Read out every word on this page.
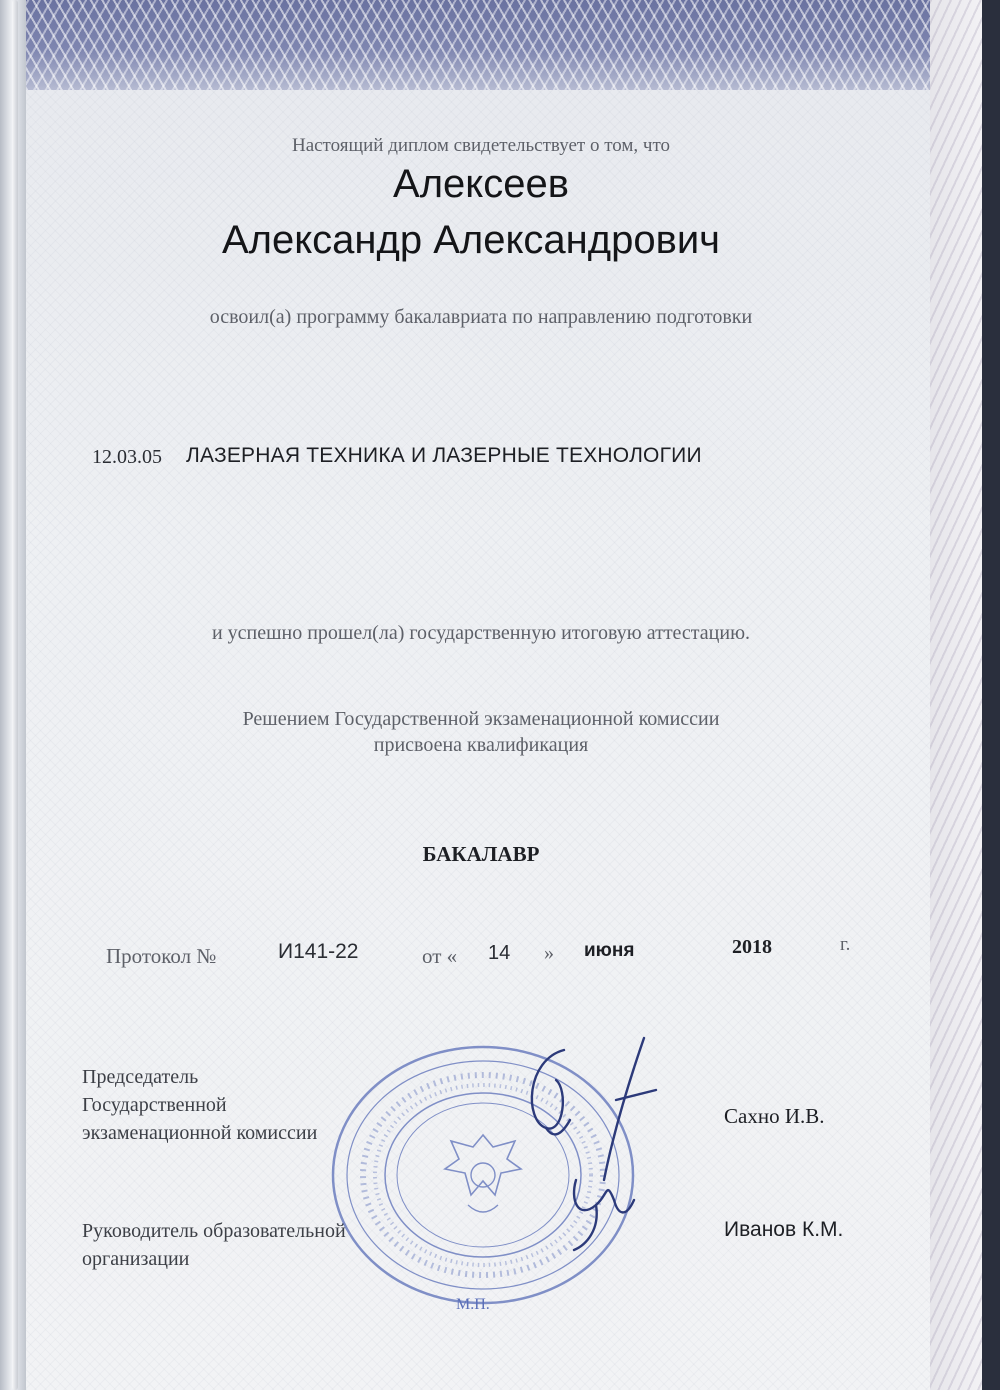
Настоящий диплом свидетельствует о том, что
Алексеев
Александр Александрович
освоил(а) программу бакалавриата по направлению подготовки
12.03.05 ЛАЗЕРНАЯ ТЕХНИКА И ЛАЗЕРНЫЕ ТЕХНОЛОГИИ
и успешно прошел(ла) государственную итоговую аттестацию.
Решением Государственной экзаменационной комиссии
присвоена квалификация
БАКАЛАВР
Протокол №	И141-22	от « 14 » июня	2018	г.
Председатель
Государственной
экзаменационной комиссии
Сахно И.В.
Руководитель образовательной
организации
Иванов К.М.
М.П.
